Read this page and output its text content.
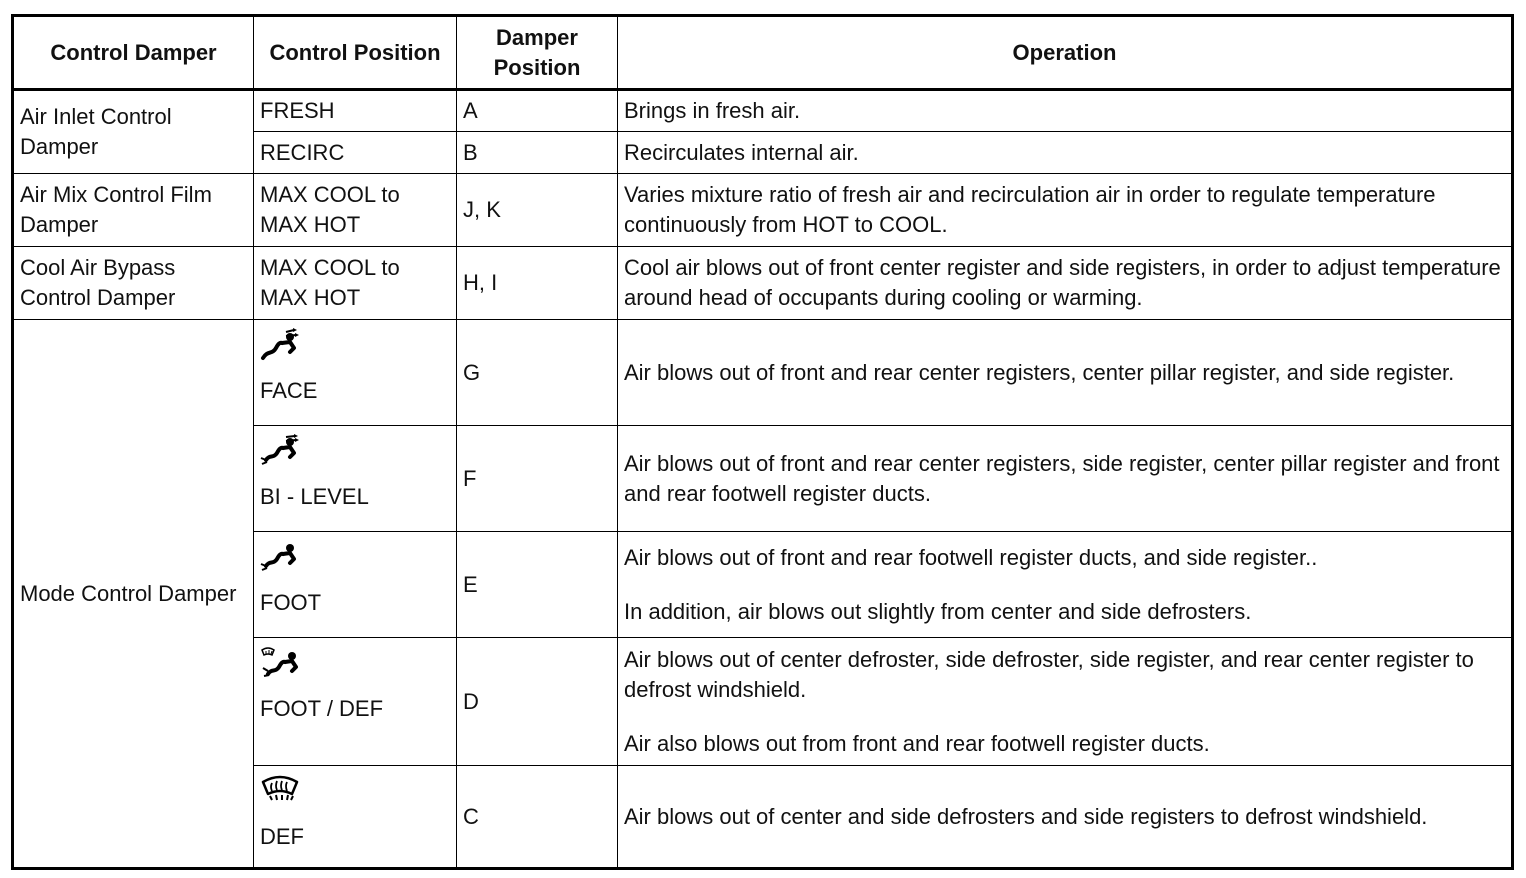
Control Damper	Control Position	Damper Position	Operation
Air Inlet Control Damper	FRESH	A	Brings in fresh air.

	RECIRC	B	Recirculates internal air.

Air Mix Control Film Damper	MAX COOL to MAX HOT	J, K	Varies mixture ratio of fresh air and recirculation air in order to regulate temperature continuously from HOT to COOL.

Cool Air Bypass Control Damper	MAX COOL to MAX HOT	H, I	Cool air blows out of front center register and side registers, in order to adjust temperature around head of occupants during cooling or warming.

Mode Control Damper	FACE	G	Air blows out of front and rear center registers, center pillar register, and side register.

	BI - LEVEL	F	Air blows out of front and rear center registers, side register, center pillar register and front and rear footwell register ducts.

	FOOT	E	Air blows out of front and rear footwell register ducts, and side register..
In addition, air blows out slightly from center and side defrosters.

	FOOT / DEF	D	Air blows out of center defroster, side defroster, side register, and rear center register to defrost windshield.
Air also blows out from front and rear footwell register ducts.

	DEF	C	Air blows out of center and side defrosters and side registers to defrost windshield.
